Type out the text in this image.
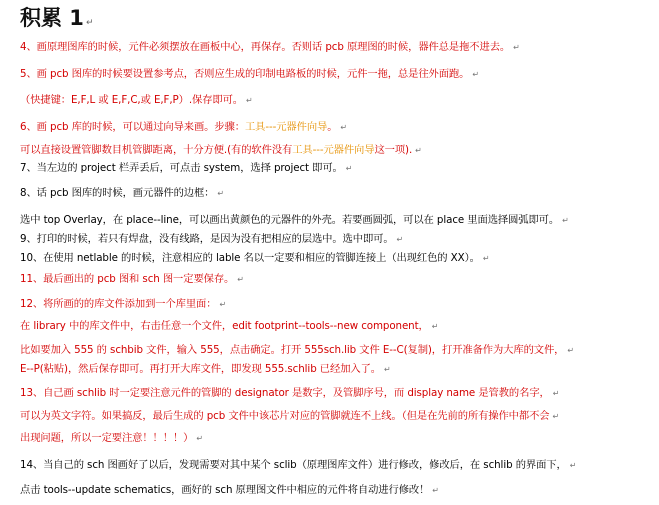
积累 1 ↵
4、画原理图库的时候，元件必须摆放在画板中心，再保存。否则话 pcb 原理图的时候，器件总是拖不进去。 ↵
5、画 pcb 图库的时候要设置参考点，否则应生成的印制电路板的时候，元件一拖，总是往外面跑。 ↵
（快捷键：E,F,L 或 E,F,C,或 E,F,P）.保存即可。 ↵
6、画 pcb 库的时候，可以通过向导来画。步骤：工具---元器件向导。 ↵
可以直接设置管脚数目机管脚距离，十分方便.(有的软件没有工具---元器件向导这一项). ↵
7、当左边的 project 栏弄丢后，可点击 system，选择 project 即可。 ↵
8、话 pcb 图库的时候，画元器件的边框： ↵
选中 top Overlay，在 place--line，可以画出黄颜色的元器件的外壳。若要画圆弧，可以在 place 里面选择圆弧即可。 ↵
9、打印的时候，若只有焊盘，没有线路，是因为没有把相应的层选中。选中即可。 ↵
10、在使用 netlable 的时候，注意相应的 lable 名以一定要和相应的管脚连接上（出现红色的 XX）。 ↵
11、最后画出的 pcb 图和 sch 图一定要保存。 ↵
12、将所画的的库文件添加到一个库里面： ↵
在 library 中的库文件中，右击任意一个文件，edit footprint--tools--new component， ↵
比如要加入 555 的 schbib 文件，输入 555，点击确定。打开 555sch.lib 文件 E--C(复制)，打开准备作为大库的文件， ↵
E--P(粘贴)，然后保存即可。再打开大库文件，即发现 555.schlib 已经加入了。 ↵
13、自己画 schlib 时一定要注意元件的管脚的 designator 是数字，及管脚序号，而 display name 是管教的名字， ↵
可以为英文字符。如果搞反，最后生成的 pcb 文件中该芯片对应的管脚就连不上线。（但是在先前的所有操作中都不会 ↵
出现问题，所以一定要注意！！！！） ↵
14、当自己的 sch 图画好了以后，发现需要对其中某个 sclib（原理图库文件）进行修改，修改后，在 schlib 的界面下， ↵
点击 tools--update schematics，画好的 sch 原理图文件中相应的元件将自动进行修改！ ↵
